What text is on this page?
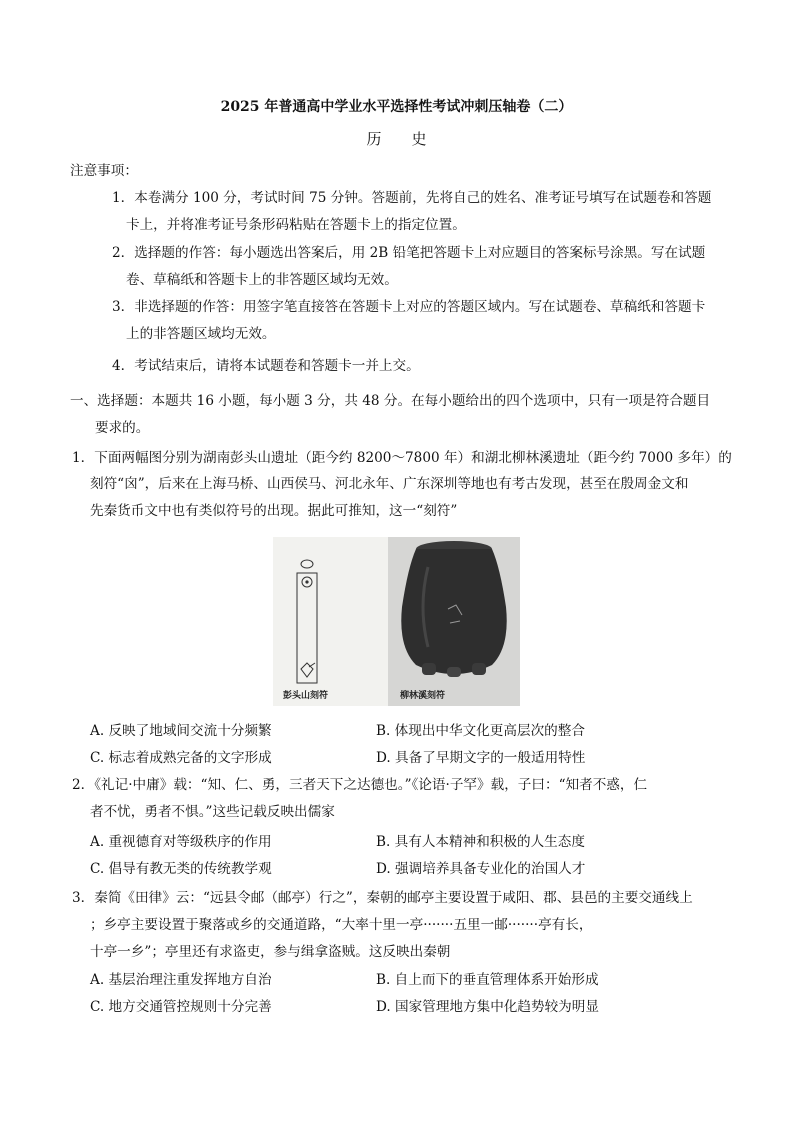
2025 年普通高中学业水平选择性考试冲刺压轴卷（二）
历史
注意事项：
1．本卷满分 100 分，考试时间 75 分钟。答题前，先将自己的姓名、准考证号填写在试题卷和答题
卡上，并将准考证号条形码粘贴在答题卡上的指定位置。
2．选择题的作答：每小题选出答案后，用 2B 铅笔把答题卡上对应题目的答案标号涂黑。写在试题
卷、草稿纸和答题卡上的非答题区域均无效。
3．非选择题的作答：用签字笔直接答在答题卡上对应的答题区域内。写在试题卷、草稿纸和答题卡
上的非答题区域均无效。
4．考试结束后，请将本试题卷和答题卡一并上交。
一、选择题：本题共 16 小题，每小题 3 分，共 48 分。在每小题给出的四个选项中，只有一项是符合题目
要求的。
1．下面两幅图分别为湖南彭头山遗址（距今约 8200～7800 年）和湖北柳林溪遗址（距今约 7000 多年）的
刻符“囟”，后来在上海马桥、山西侯马、河北永年、广东深圳等地也有考古发现，甚至在殷周金文和
先秦货币文中也有类似符号的出现。据此可推知，这一“刻符”
彭头山刻符	柳林溪刻符
A. 反映了地域间交流十分频繁	B. 体现出中华文化更高层次的整合
C. 标志着成熟完备的文字形成	D. 具备了早期文字的一般适用特性
2．《礼记·中庸》载：“知、仁、勇，三者天下之达德也。”《论语·子罕》载，子曰：“知者不惑，仁
者不忧，勇者不惧。”这些记载反映出儒家
A. 重视德育对等级秩序的作用	B. 具有人本精神和积极的人生态度
C. 倡导有教无类的传统教学观	D. 强调培养具备专业化的治国人才
3．秦简《田律》云：“远县令邮（邮亭）行之”，秦朝的邮亭主要设置于咸阳、郡、县邑的主要交通线上
；乡亭主要设置于聚落或乡的交通道路，“大率十里一亭·······五里一邮·······亭有长，
十亭一乡”；亭里还有求盗吏，参与缉拿盗贼。这反映出秦朝
A. 基层治理注重发挥地方自治	B. 自上而下的垂直管理体系开始形成
C. 地方交通管控规则十分完善	D. 国家管理地方集中化趋势较为明显
